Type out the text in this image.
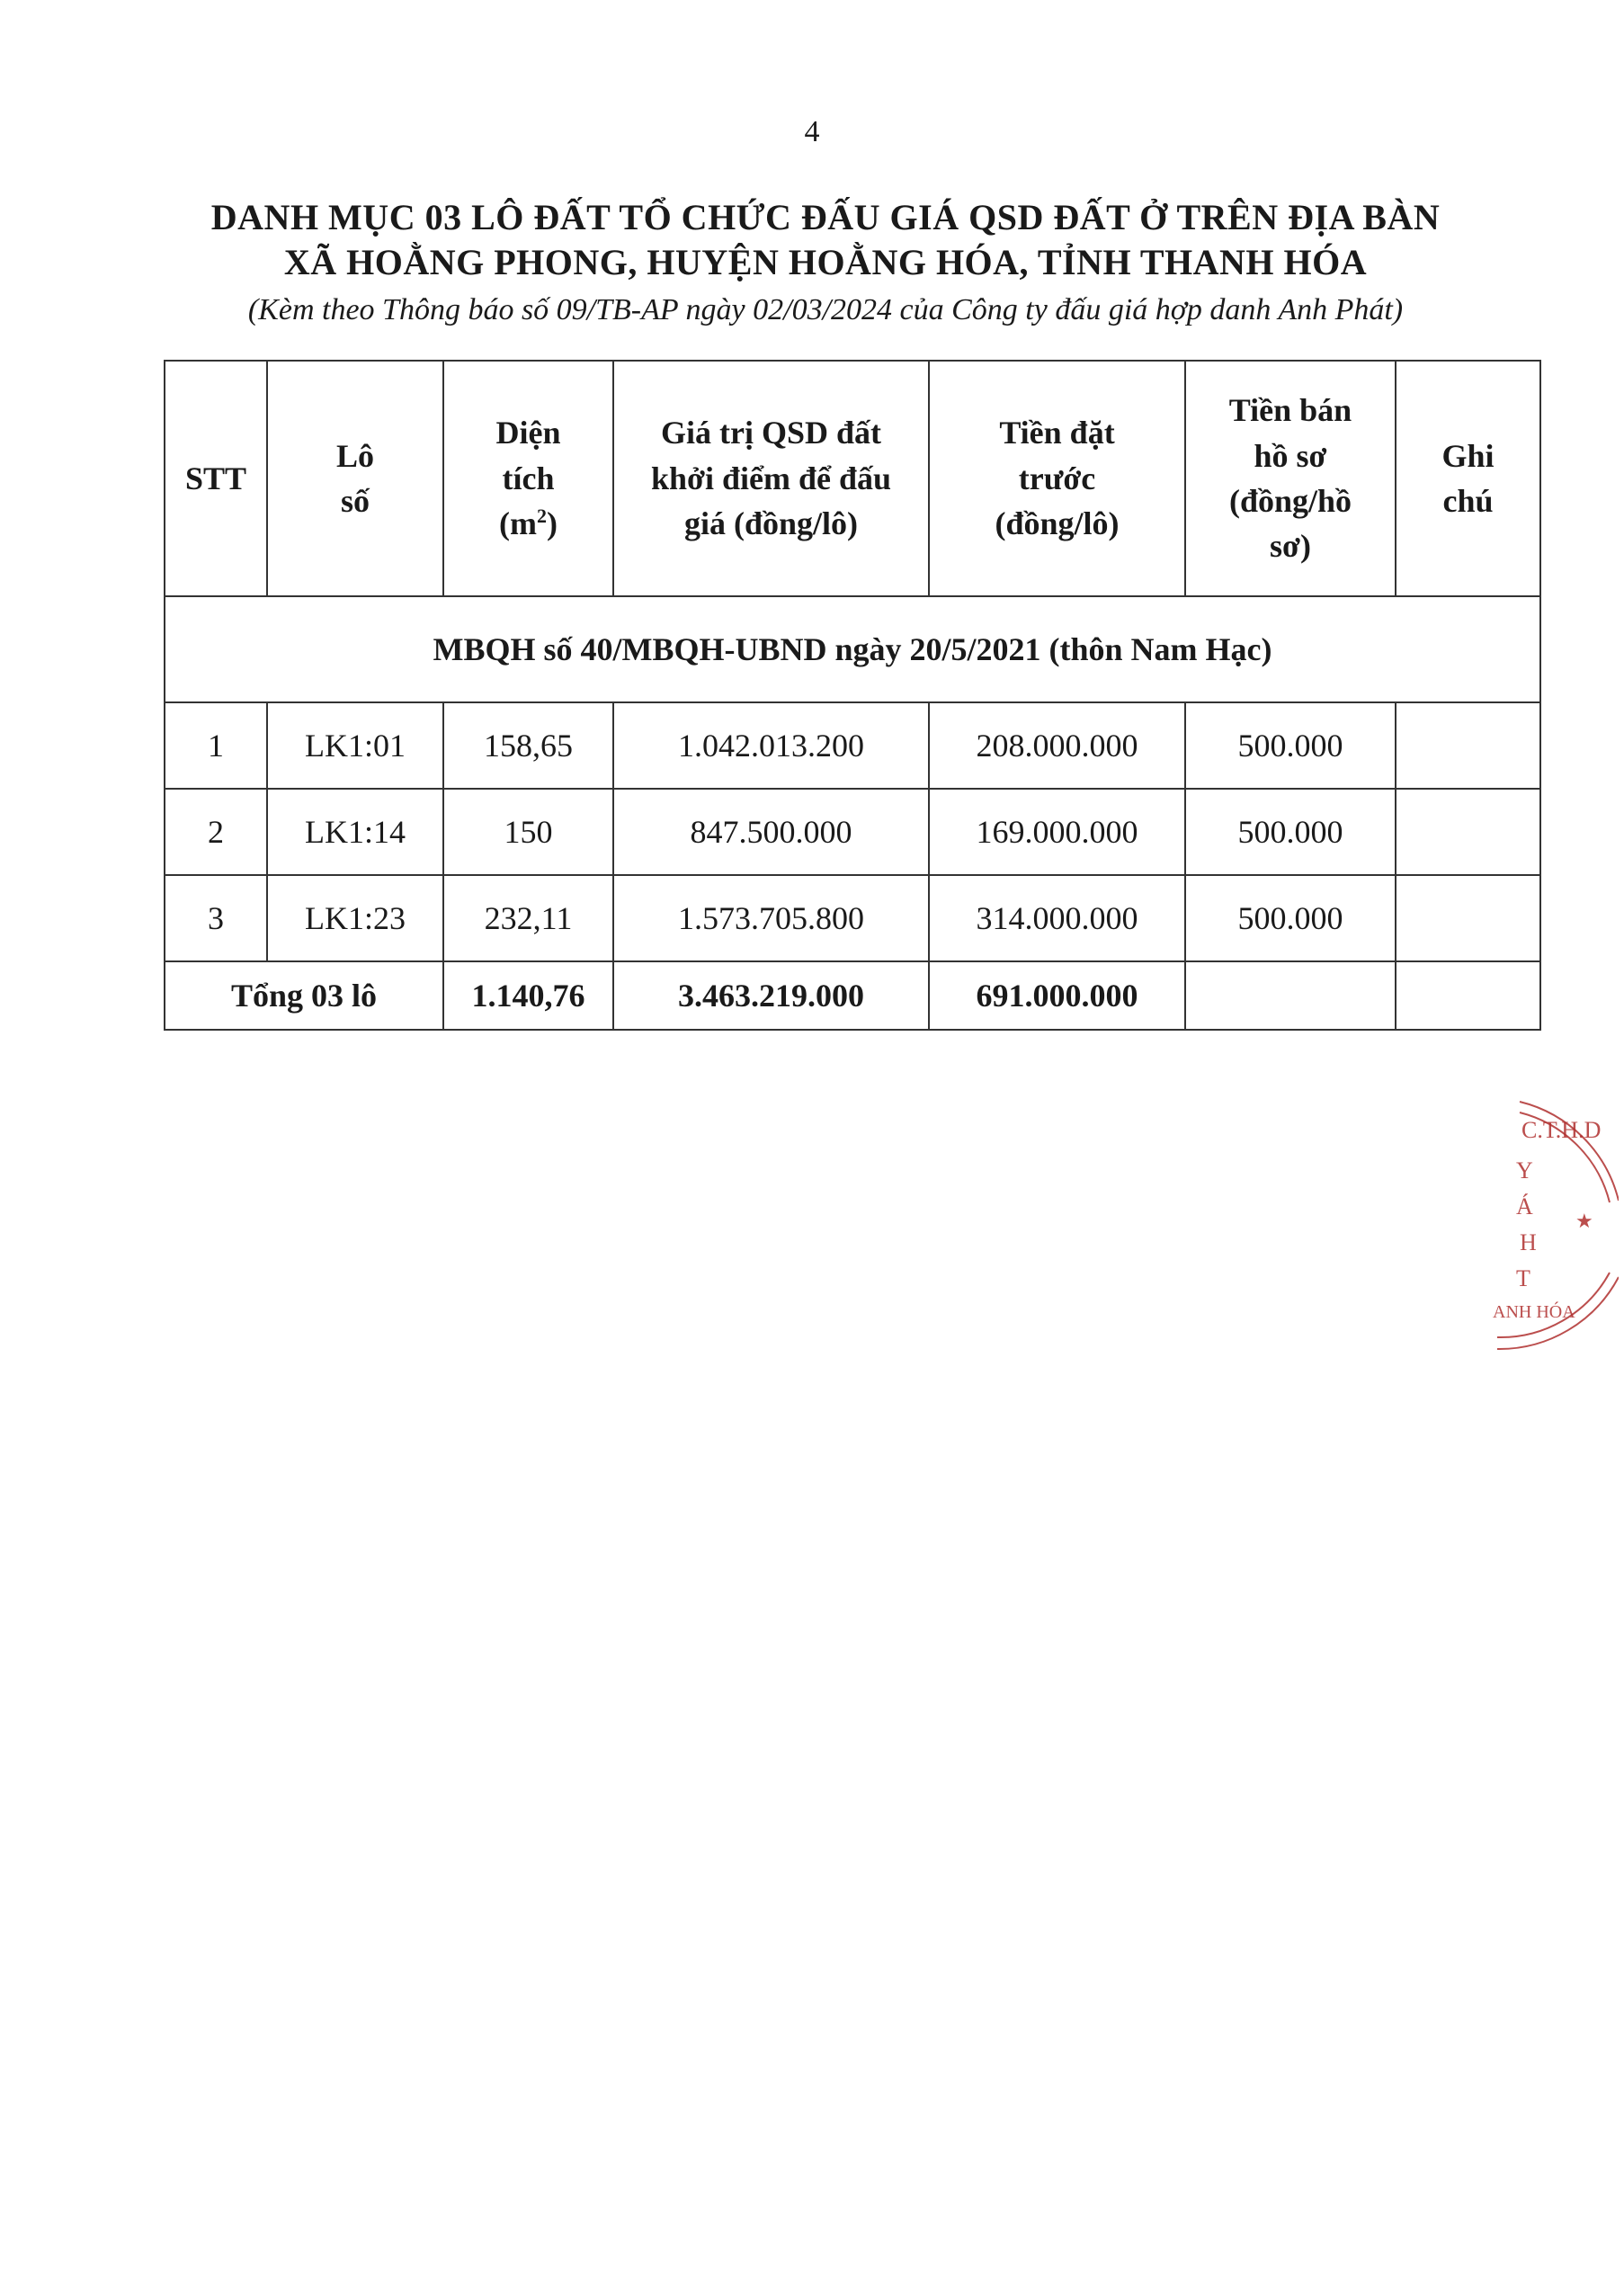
4
DANH MỤC 03 LÔ ĐẤT TỔ CHỨC ĐẤU GIÁ QSD ĐẤT Ở TRÊN ĐỊA BÀN
XÃ HOẰNG PHONG, HUYỆN HOẰNG HÓA, TỈNH THANH HÓA
(Kèm theo Thông báo số 09/TB-AP ngày 02/03/2024 của Công ty đấu giá hợp danh Anh Phát)
STT	Lô số	Diện tích $(m^2)$	Giá trị QSD đất khởi điểm để đấu giá (đồng/lô)	Tiền đặt trước (đồng/lô)	Tiền bán hồ sơ (đồng/hồ sơ)	Ghi chú
MBQH số 40/MBQH-UBND ngày 20/5/2021 (thôn Nam Hạc)						
1	LK1:01	158,65	1.042.013.200	208.000.000	500.000	
2	LK1:14	150	847.500.000	169.000.000	500.000	
3	LK1:23	232,11	1.573.705.800	314.000.000	500.000	
Tổng 03 lô		1.140,76	3.463.219.000	691.000.000		
C.T.H.D
Y
Á
H
T
ANH HÓA
★
